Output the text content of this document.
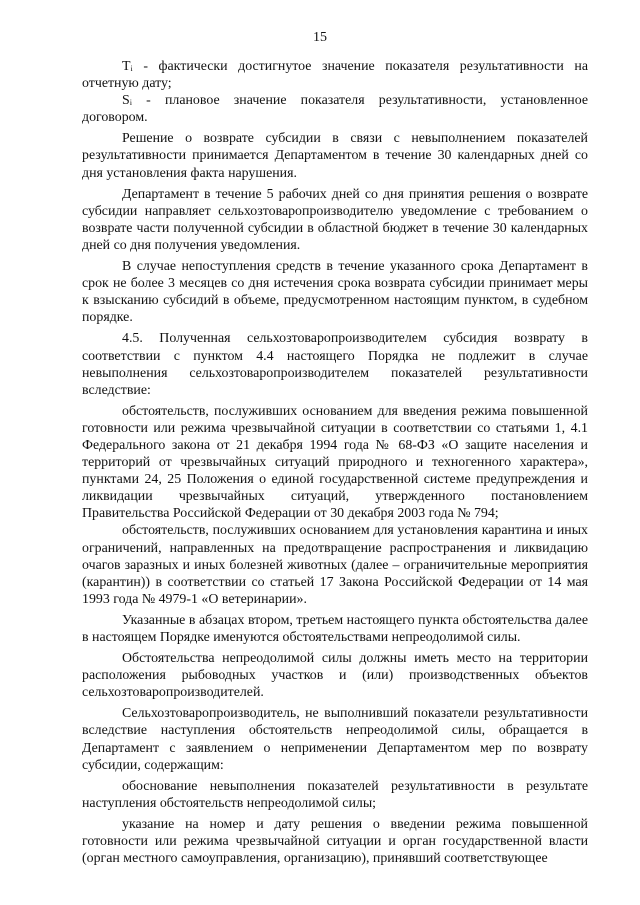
15

Tᵢ - фактически достигнутое значение показателя результативности на отчетную дату;

Sᵢ - плановое значение показателя результативности, установленное договором.

Решение о возврате субсидии в связи с невыполнением показателей результативности принимается Департаментом в течение 30 календарных дней со дня установления факта нарушения.

Департамент в течение 5 рабочих дней со дня принятия решения о возврате субсидии направляет сельхозтоваропроизводителю уведомление с требованием о возврате части полученной субсидии в областной бюджет в течение 30 календарных дней со дня получения уведомления.

В случае непоступления средств в течение указанного срока Департамент в срок не более 3 месяцев со дня истечения срока возврата субсидии принимает меры к взысканию субсидий в объеме, предусмотренном настоящим пунктом, в судебном порядке.

4.5. Полученная сельхозтоваропроизводителем субсидия возврату в соответствии с пунктом 4.4 настоящего Порядка не подлежит в случае невыполнения сельхозтоваропроизводителем показателей результативности вследствие:

обстоятельств, послуживших основанием для введения режима повышенной готовности или режима чрезвычайной ситуации в соответствии со статьями 1, 4.1 Федерального закона от 21 декабря 1994 года № 68-ФЗ «О защите населения и территорий от чрезвычайных ситуаций природного и техногенного характера», пунктами 24, 25 Положения о единой государственной системе предупреждения и ликвидации чрезвычайных ситуаций, утвержденного постановлением Правительства Российской Федерации от 30 декабря 2003 года № 794;

обстоятельств, послуживших основанием для установления карантина и иных ограничений, направленных на предотвращение распространения и ликвидацию очагов заразных и иных болезней животных (далее – ограничительные мероприятия (карантин)) в соответствии со статьей 17 Закона Российской Федерации от 14 мая 1993 года № 4979-1 «О ветеринарии».

Указанные в абзацах втором, третьем настоящего пункта обстоятельства далее в настоящем Порядке именуются обстоятельствами непреодолимой силы.

Обстоятельства непреодолимой силы должны иметь место на территории расположения рыбоводных участков и (или) производственных объектов сельхозтоваропроизводителей.

Сельхозтоваропроизводитель, не выполнивший показатели результативности вследствие наступления обстоятельств непреодолимой силы, обращается в Департамент с заявлением о неприменении Департаментом мер по возврату субсидии, содержащим:

обоснование невыполнения показателей результативности в результате наступления обстоятельств непреодолимой силы;

указание на номер и дату решения о введении режима повышенной готовности или режима чрезвычайной ситуации и орган государственной власти (орган местного самоуправления, организацию), принявший соответствующее
